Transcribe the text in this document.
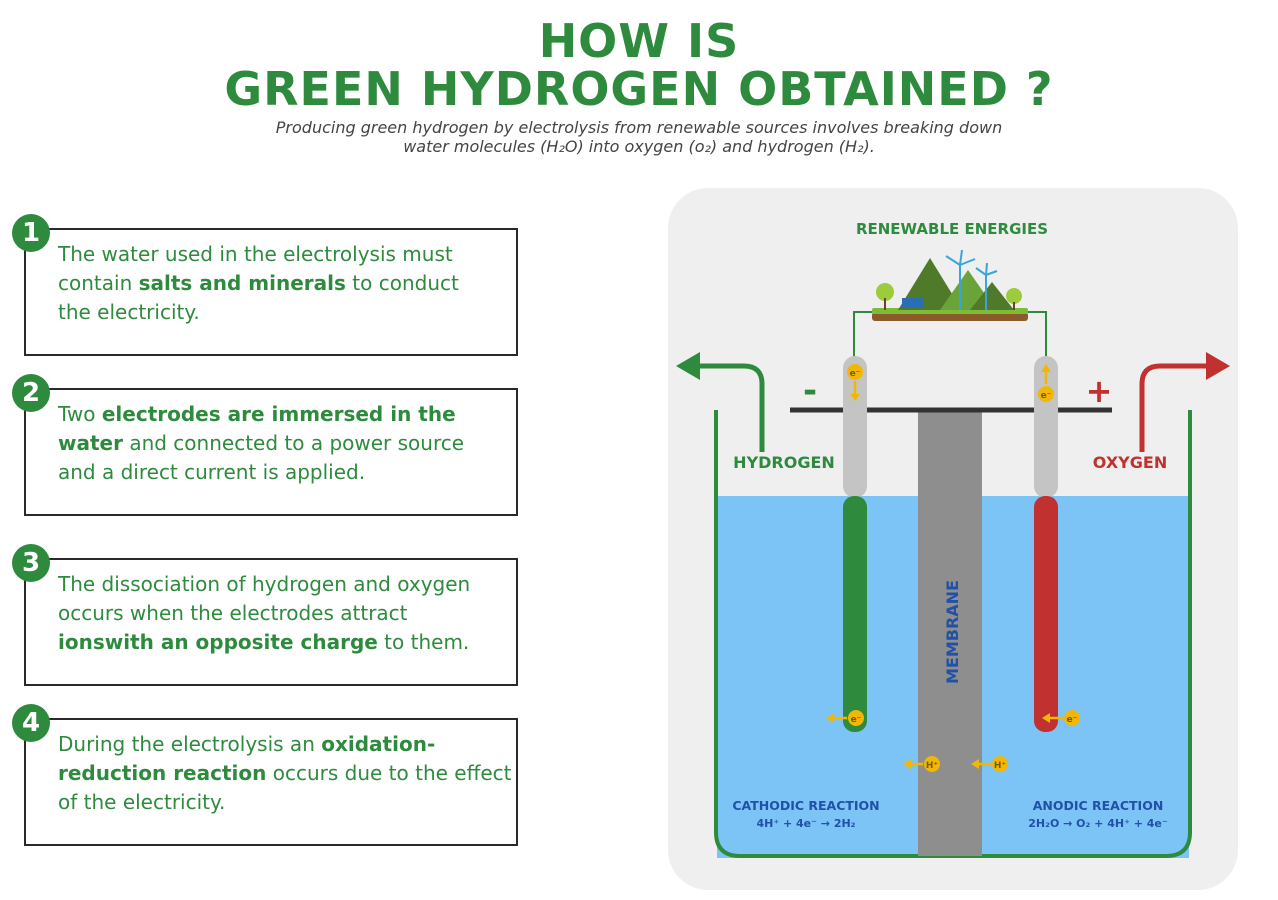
HOW IS
GREEN HYDROGEN OBTAINED ?
Producing green hydrogen by electrolysis from renewable sources involves breaking down
water molecules (H₂O) into oxygen (o₂) and hydrogen (H₂).
1
The water used in the electrolysis must contain salts and minerals to conduct the electricity.
2
Two electrodes are immersed in the water and connected to a power source and a direct current is applied.
3
The dissociation of hydrogen and oxygen occurs when the electrodes attract ionswith an opposite charge to them.
4
During the electrolysis an oxidation-reduction reaction occurs due to the effect of the electricity.
RENEWABLE ENERGIES
MEMBRANE
-	+
HYDROGEN	OXYGEN
e⁻
e⁻
e⁻	e⁻
H⁺	H⁺
CATHODIC REACTION
4H⁺ + 4e⁻ → 2H₂
ANODIC REACTION
2H₂O → O₂ + 4H⁺ + 4e⁻
